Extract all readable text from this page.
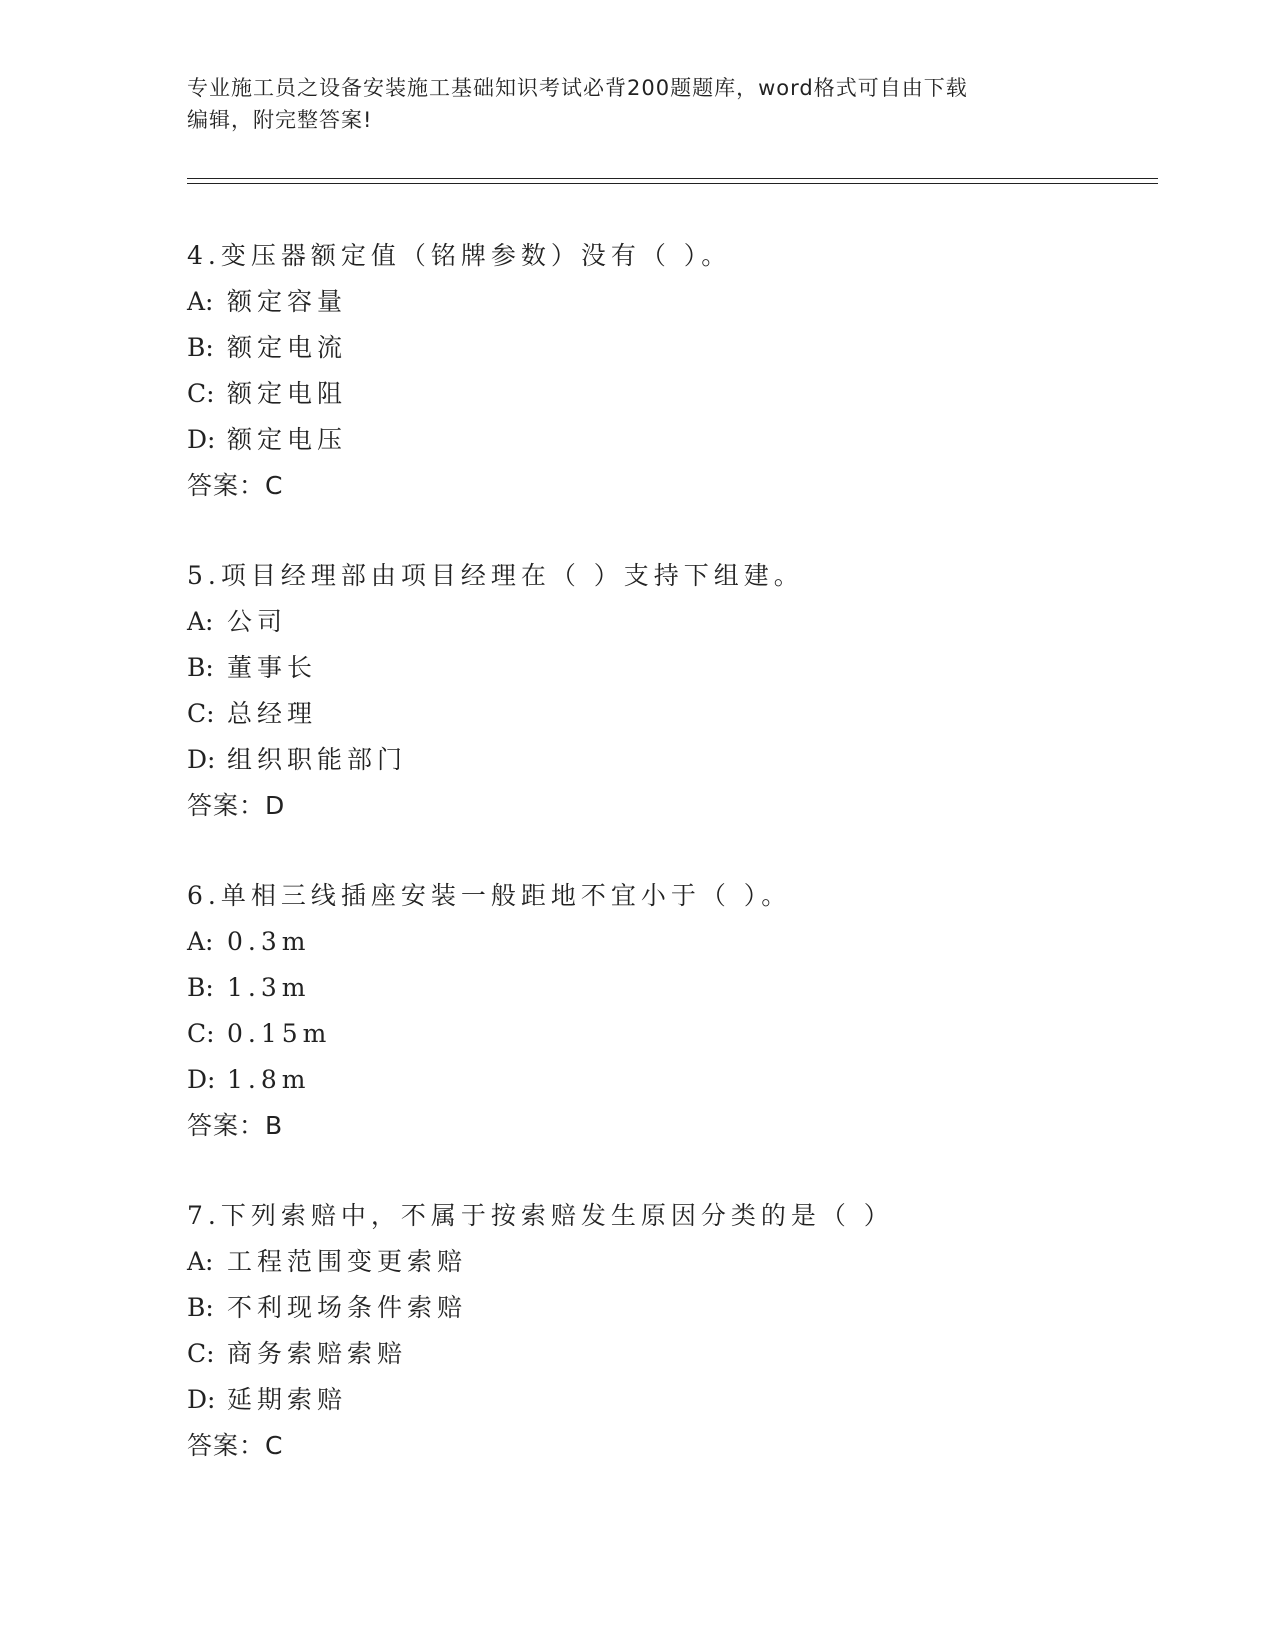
专业施工员之设备安装施工基础知识考试必背200题题库，word格式可自由下载
编辑，附完整答案!
4.变压器额定值（铭牌参数）没有（ ）。
A: 额定容量
B: 额定电流
C: 额定电阻
D: 额定电压
答案：C
5.项目经理部由项目经理在（ ）支持下组建。
A: 公司
B: 董事长
C: 总经理
D: 组织职能部门
答案：D
6.单相三线插座安装一般距地不宜小于（ ）。
A: 0.3m
B: 1.3m
C: 0.15m
D: 1.8m
答案：B
7.下列索赔中，不属于按索赔发生原因分类的是（ ）
A: 工程范围变更索赔
B: 不利现场条件索赔
C: 商务索赔索赔
D: 延期索赔
答案：C
